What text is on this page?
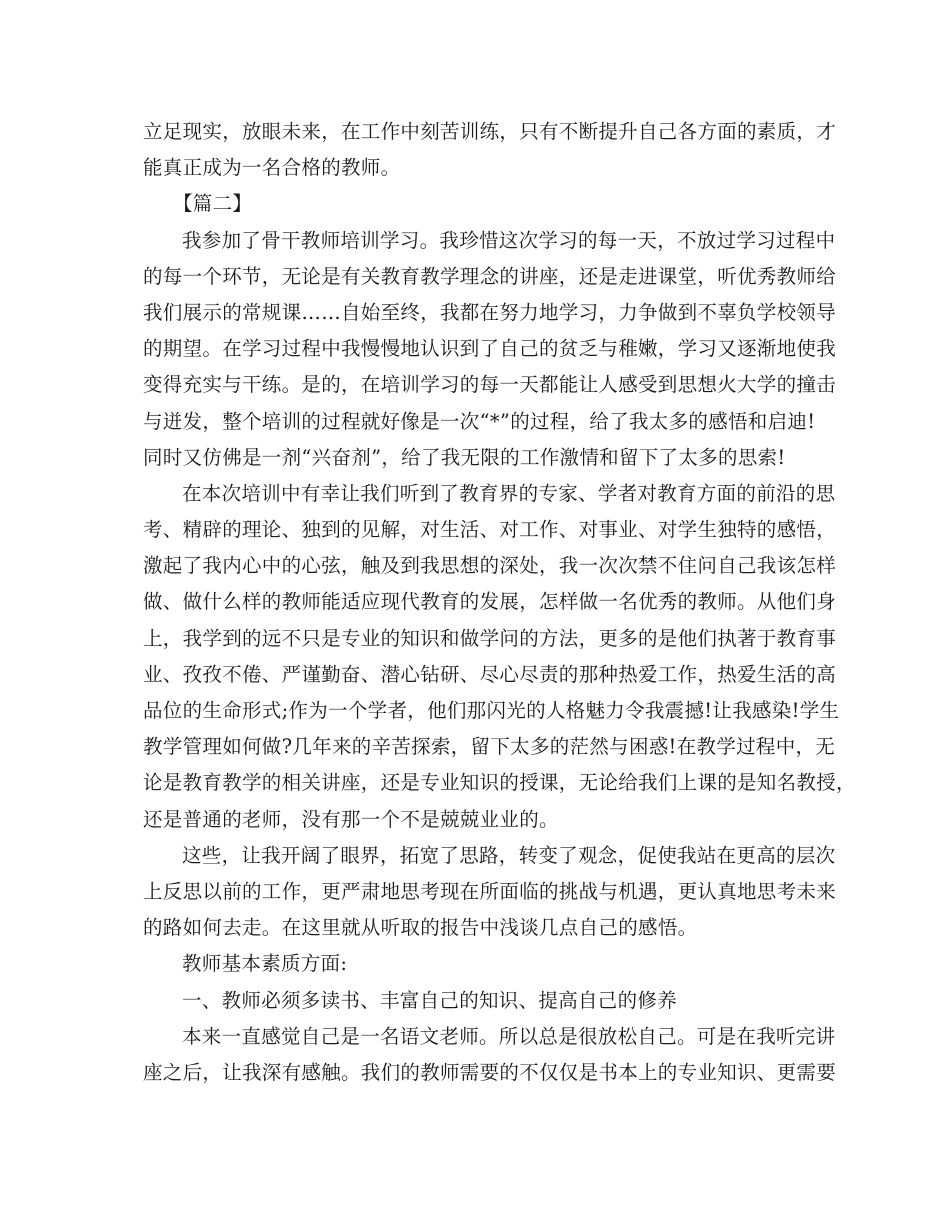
立足现实，放眼未来，在工作中刻苦训练，只有不断提升自己各方面的素质，才
能真正成为一名合格的教师。
【篇二】
我参加了骨干教师培训学习。我珍惜这次学习的每一天，不放过学习过程中
的每一个环节，无论是有关教育教学理念的讲座，还是走进课堂，听优秀教师给
我们展示的常规课……自始至终，我都在努力地学习，力争做到不辜负学校领导
的期望。在学习过程中我慢慢地认识到了自己的贫乏与稚嫩，学习又逐渐地使我
变得充实与干练。是的，在培训学习的每一天都能让人感受到思想火大学的撞击
与迸发，整个培训的过程就好像是一次“*”的过程，给了我太多的感悟和启迪!
同时又仿佛是一剂“兴奋剂”，给了我无限的工作激情和留下了太多的思索!
在本次培训中有幸让我们听到了教育界的专家、学者对教育方面的前沿的思
考、精辟的理论、独到的见解，对生活、对工作、对事业、对学生独特的感悟，
激起了我内心中的心弦，触及到我思想的深处，我一次次禁不住问自己我该怎样
做、做什么样的教师能适应现代教育的发展，怎样做一名优秀的教师。从他们身
上，我学到的远不只是专业的知识和做学问的方法，更多的是他们执著于教育事
业、孜孜不倦、严谨勤奋、潜心钻研、尽心尽责的那种热爱工作，热爱生活的高
品位的生命形式;作为一个学者，他们那闪光的人格魅力令我震撼!让我感染!学生
教学管理如何做?几年来的辛苦探索，留下太多的茫然与困惑!在教学过程中，无
论是教育教学的相关讲座，还是专业知识的授课，无论给我们上课的是知名教授，
还是普通的老师，没有那一个不是兢兢业业的。
这些，让我开阔了眼界，拓宽了思路，转变了观念，促使我站在更高的层次
上反思以前的工作，更严肃地思考现在所面临的挑战与机遇，更认真地思考未来
的路如何去走。在这里就从听取的报告中浅谈几点自己的感悟。
教师基本素质方面:
一、教师必须多读书、丰富自己的知识、提高自己的修养
本来一直感觉自己是一名语文老师。所以总是很放松自己。可是在我听完讲
座之后，让我深有感触。我们的教师需要的不仅仅是书本上的专业知识、更需要
